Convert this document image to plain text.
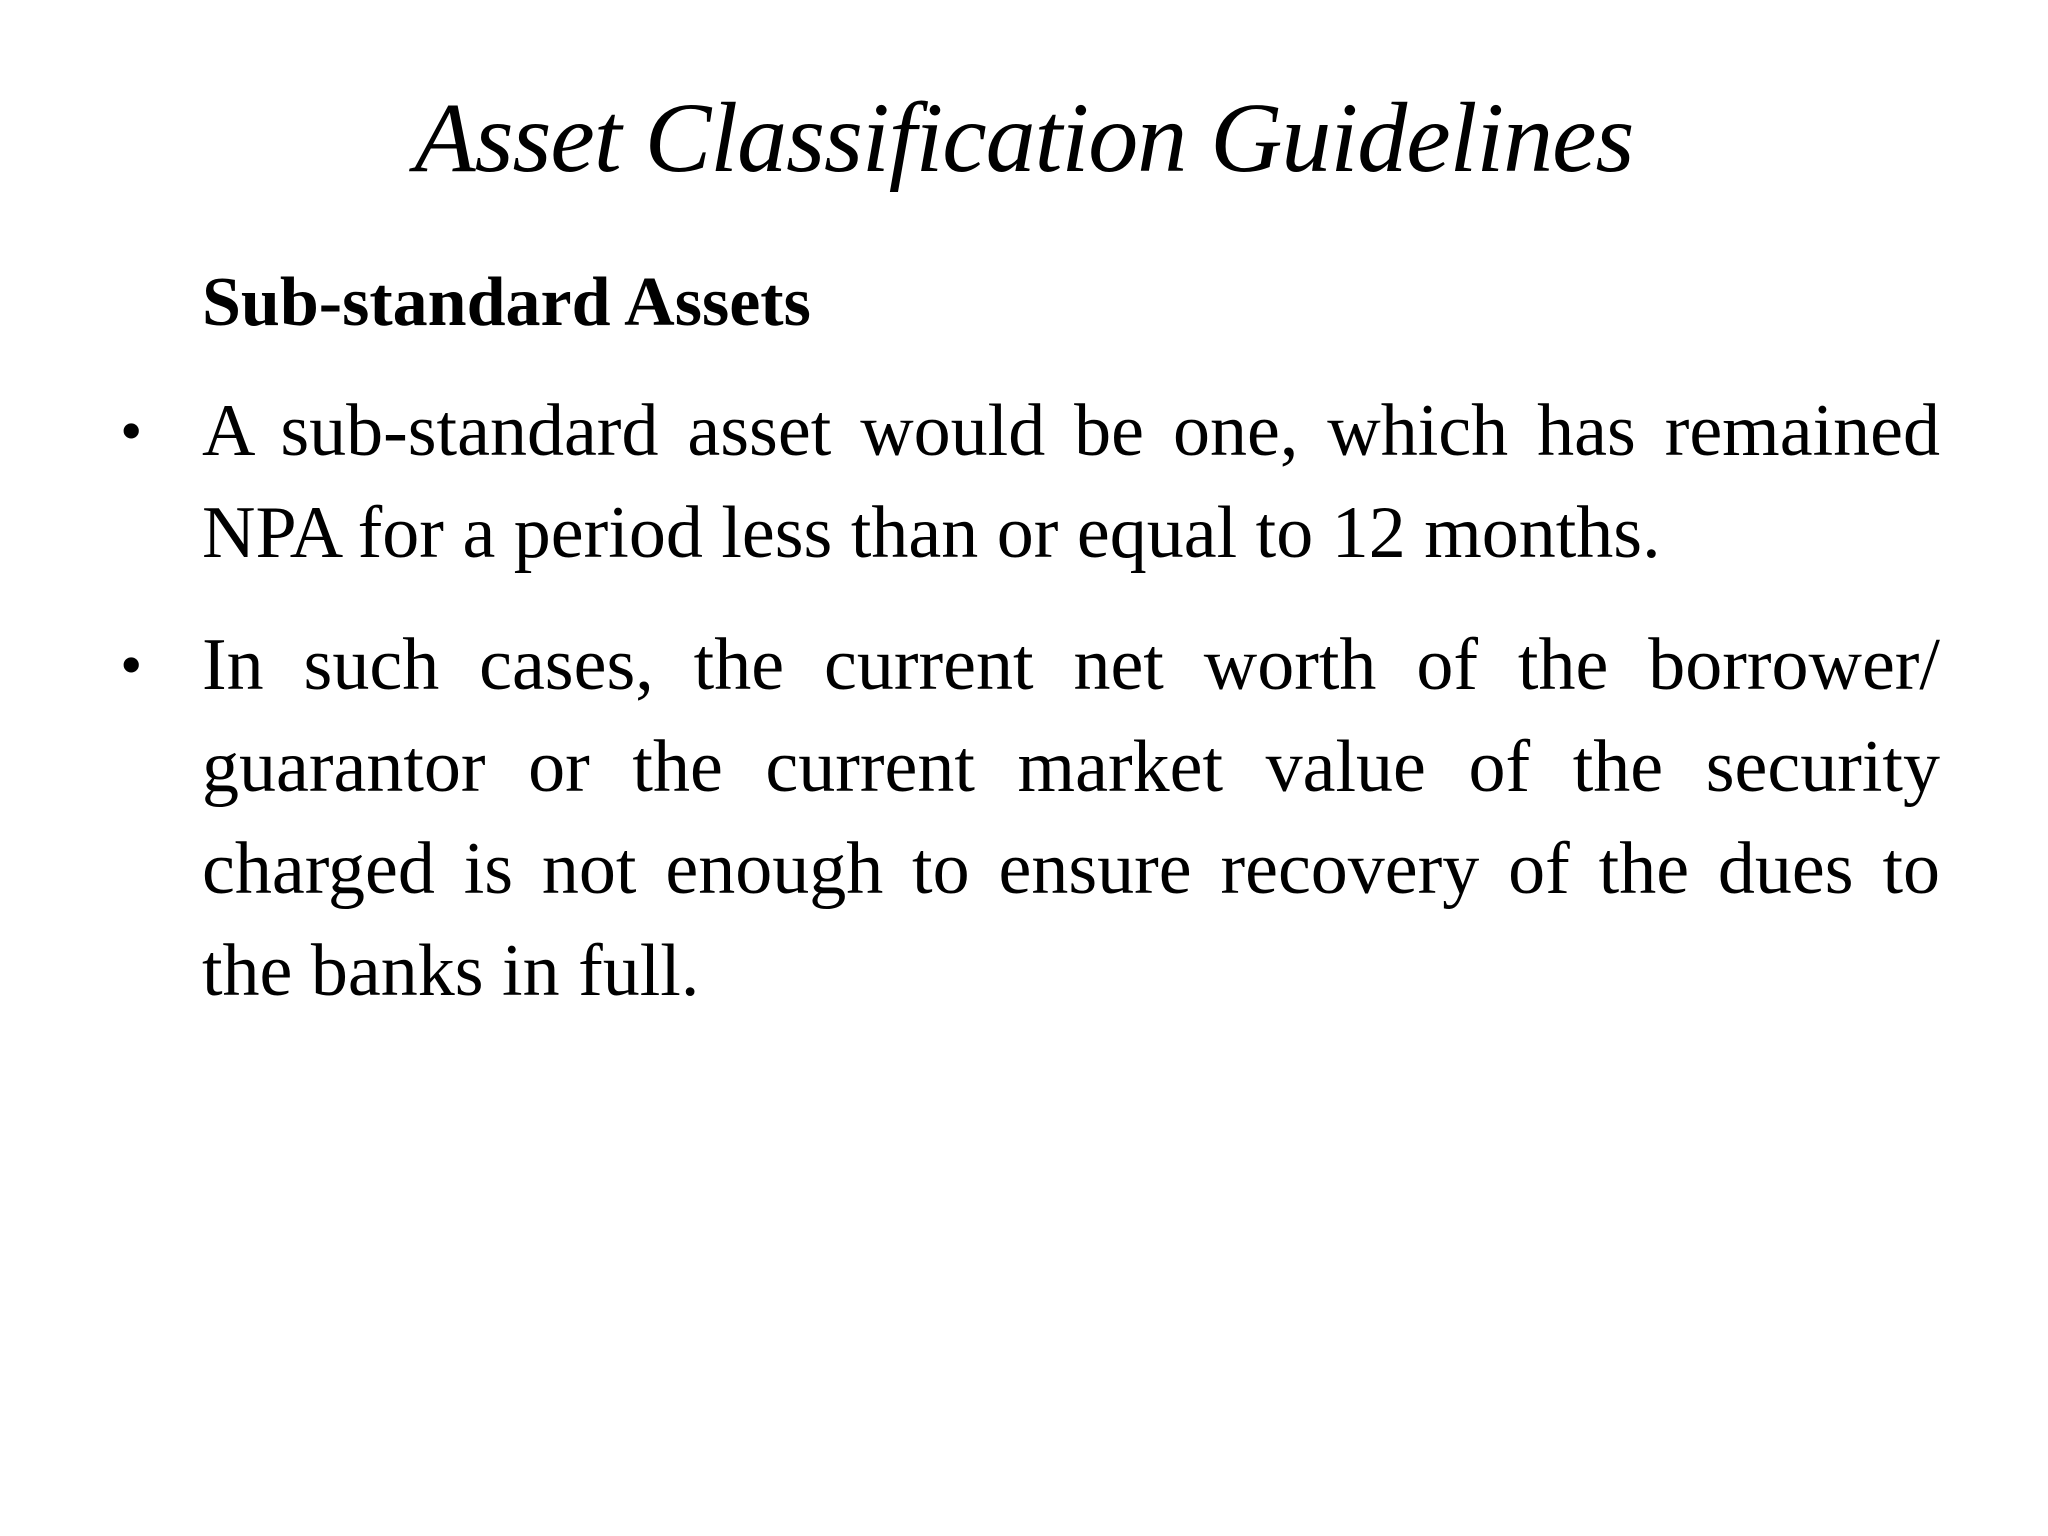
Asset Classification Guidelines
Sub-standard Assets
• A sub-standard asset would be one, which has remained NPA for a period less than or equal to 12 months.
• In such cases, the current net worth of the borrower/ guarantor or the current market value of the security charged is not enough to ensure recovery of the dues to the banks in full.
